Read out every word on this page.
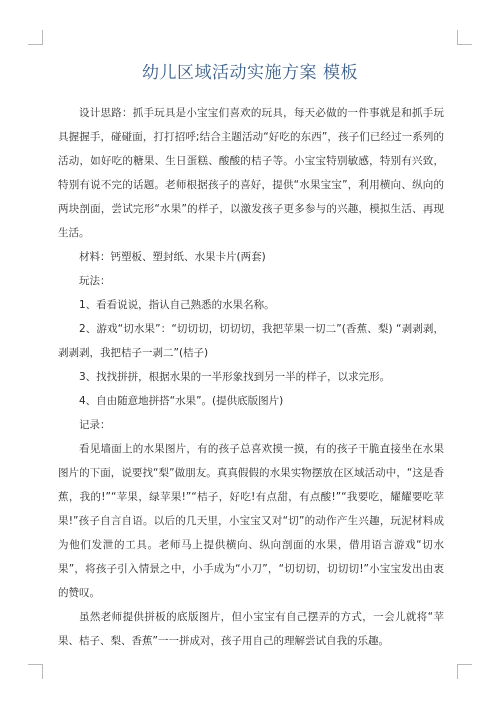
幼儿区域活动实施方案 模板

设计思路：抓手玩具是小宝宝们喜欢的玩具，每天必做的一件事就是和抓手玩具握握手，碰碰面，打打招呼;结合主题活动“好吃的东西”，孩子们已经过一系列的活动，如好吃的糖果、生日蛋糕、酸酸的桔子等。小宝宝特别敏感，特别有兴致，特别有说不完的话题。老师根据孩子的喜好，提供“水果宝宝”，利用横向、纵向的两块剖面，尝试完形“水果”的样子，以激发孩子更多参与的兴趣，模拟生活、再现生活。

材料：钙塑板、塑封纸、水果卡片(两套)

玩法：

1、看看说说，指认自己熟悉的水果名称。

2、游戏“切水果”：“切切切，切切切，我把苹果一切二”(香蕉、梨) “剥剥剥，剥剥剥，我把桔子一剥二”(桔子)

3、找找拼拼，根据水果的一半形象找到另一半的样子，以求完形。

4、自由随意地拼搭“水果”。(提供底版图片)

记录：

看见墙面上的水果图片，有的孩子总喜欢摸一摸，有的孩子干脆直接坐在水果图片的下面，说要找“梨”做朋友。真真假假的水果实物摆放在区域活动中，“这是香蕉，我的!”“苹果，绿苹果!”“桔子，好吃!有点甜，有点酸!”“我要吃，耀耀要吃苹果!”孩子自言自语。以后的几天里，小宝宝又对“切”的动作产生兴趣，玩泥材料成为他们发泄的工具。老师马上提供横向、纵向剖面的水果，借用语言游戏“切水果”，将孩子引入情景之中，小手成为“小刀”，“切切切，切切切!”小宝宝发出由衷的赞叹。

虽然老师提供拼板的底版图片，但小宝宝有自己摆弄的方式，一会儿就将“苹果、桔子、梨、香蕉”一一拼成对，孩子用自己的理解尝试自我的乐趣。
